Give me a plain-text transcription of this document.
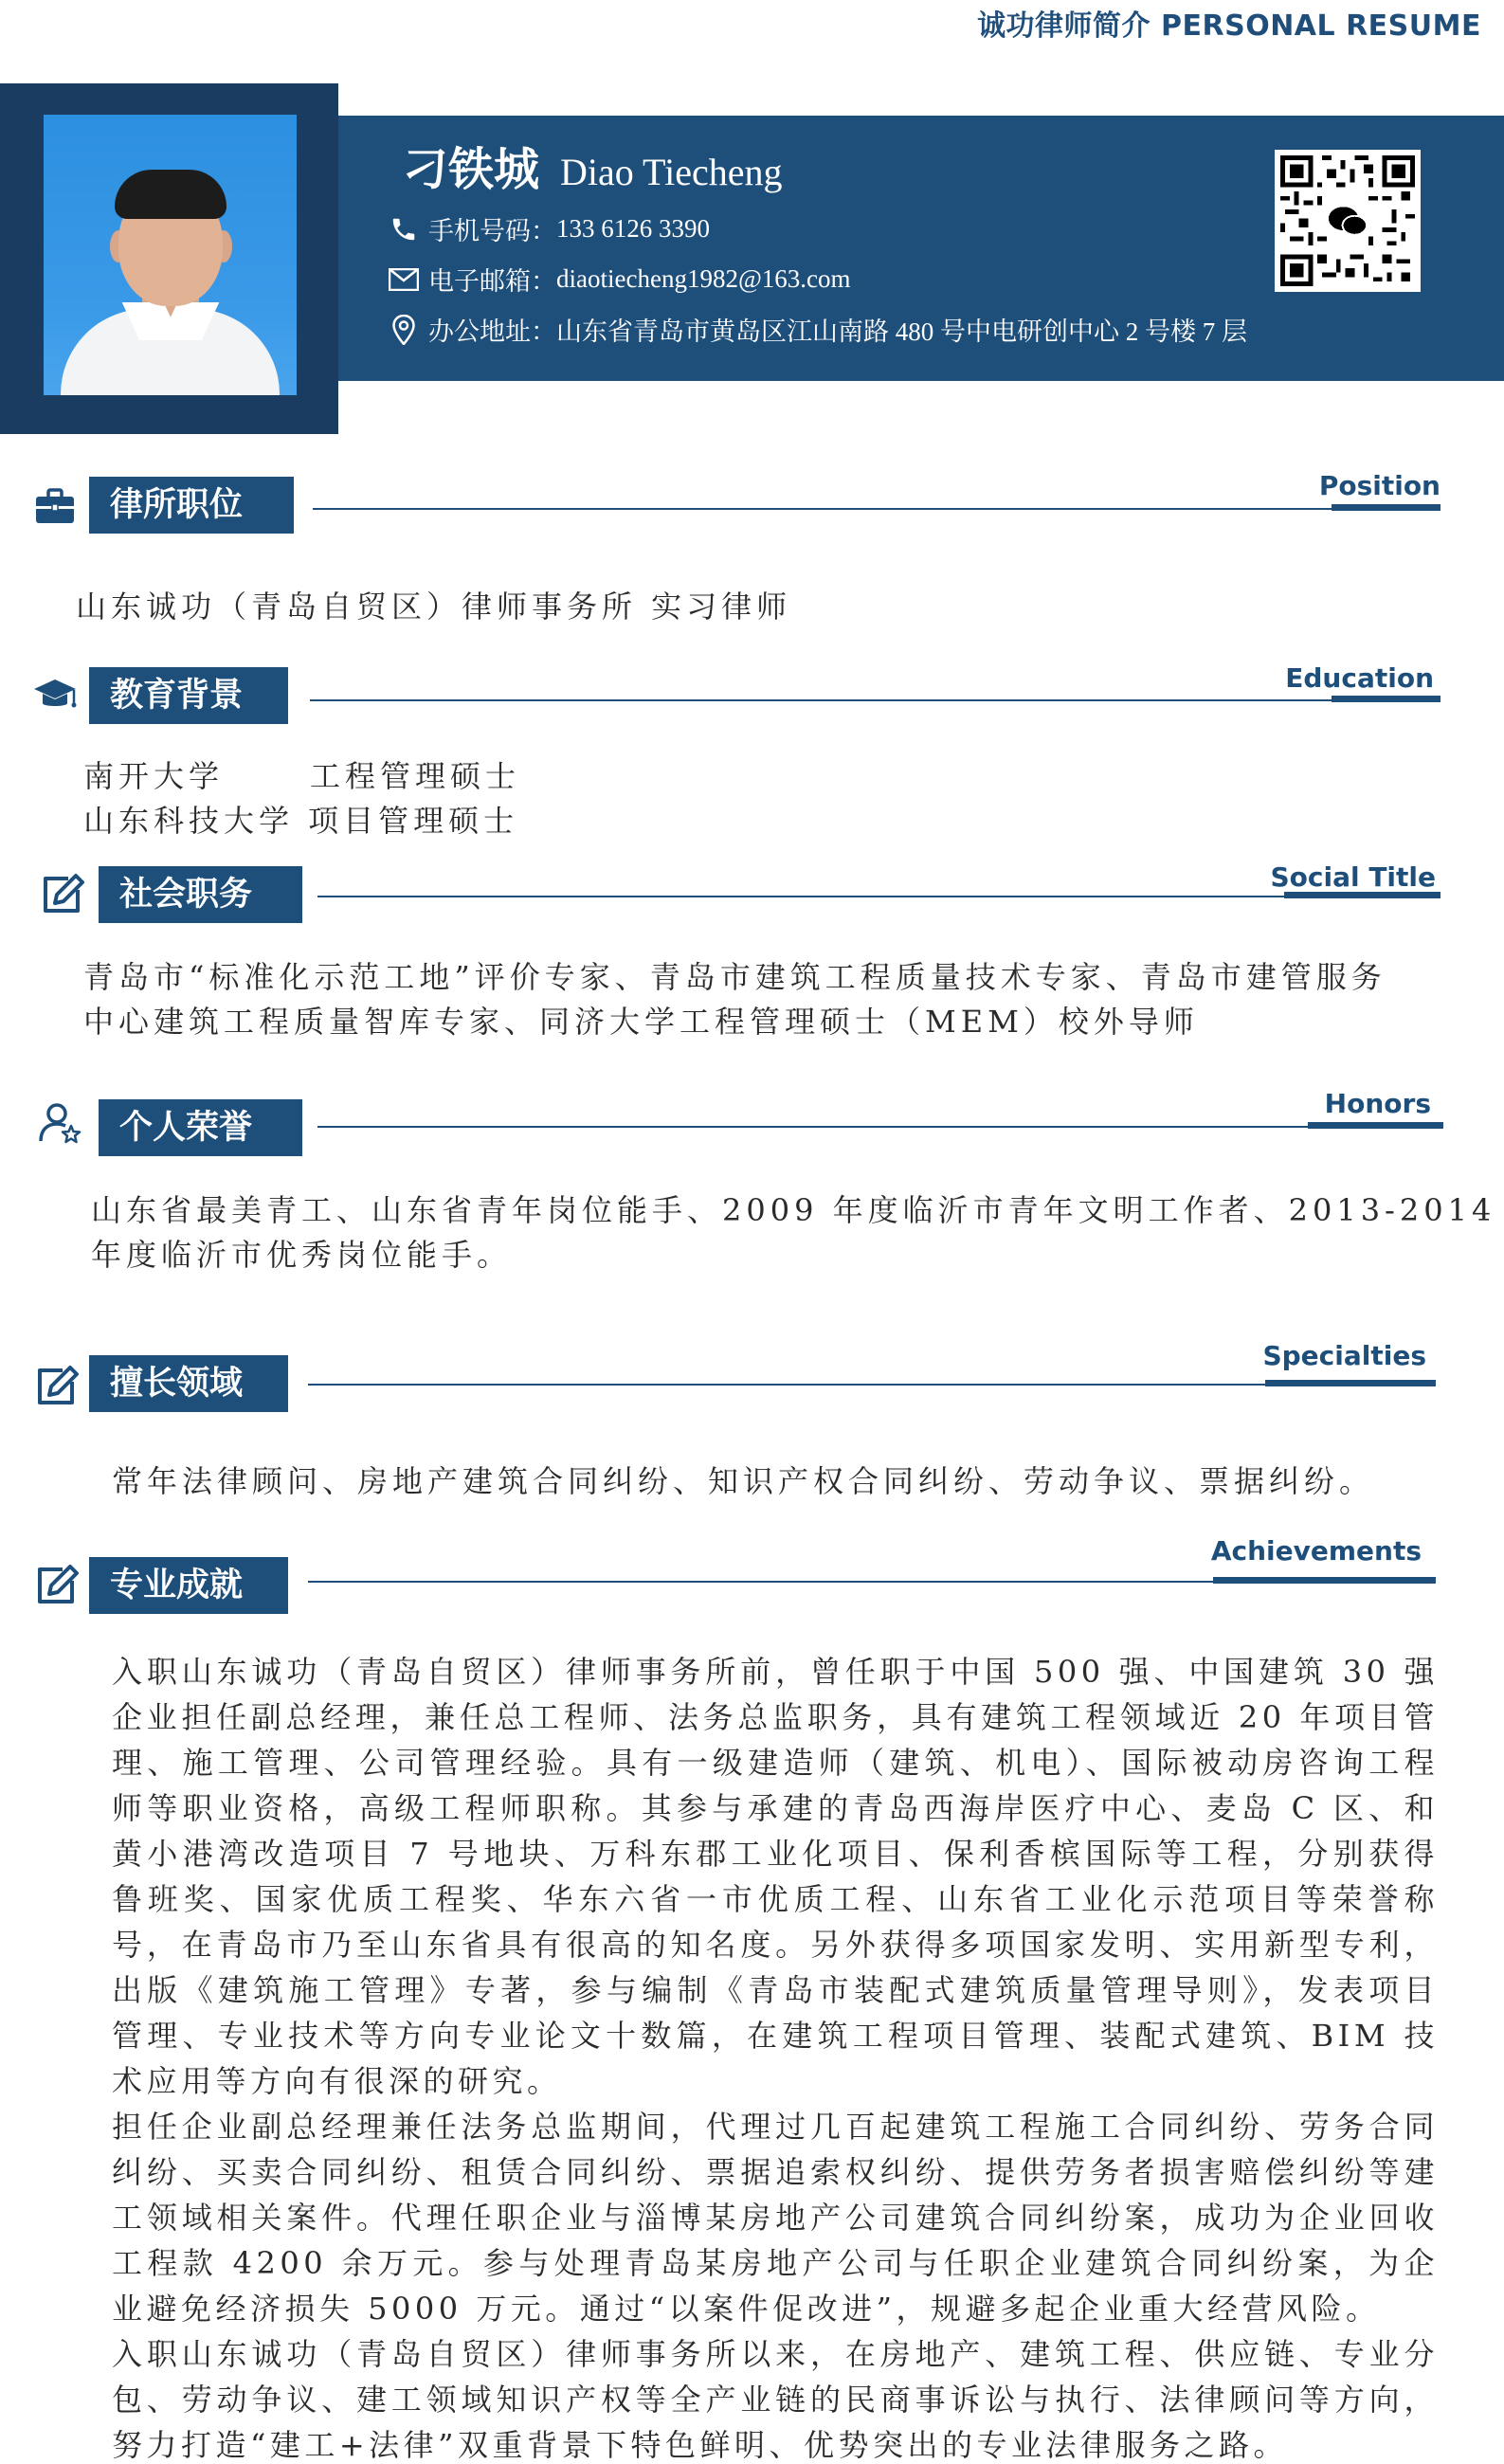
诚功律师简介 PERSONAL RESUME
刁铁城 Diao Tiecheng
手机号码： 133 6126 3390
电子邮箱： diaotiecheng1982@163.com
办公地址： 山东省青岛市黄岛区江山南路 480 号中电研创中心 2 号楼 7 层
律所职位
Position
山东诚功（青岛自贸区）律师事务所 实习律师
教育背景	Education
南开大学      工程管理硕士
山东科技大学 项目管理硕士
社会职务	Social Title
青岛市“标准化示范工地”评价专家、青岛市建筑工程质量技术专家、青岛市建管服务
中心建筑工程质量智库专家、同济大学工程管理硕士（MEM）校外导师
个人荣誉
Honors
山东省最美青工、山东省青年岗位能手、2009 年度临沂市青年文明工作者、2013-2014
年度临沂市优秀岗位能手。
擅长领域
Specialties
常年法律顾问、房地产建筑合同纠纷、知识产权合同纠纷、劳动争议、票据纠纷。
专业成就
Achievements

入职山东诚功（青岛自贸区）律师事务所前，曾任职于中国 500 强、中国建筑 30 强企业担任副总经理，兼任总工程师、法务总监职务，具有建筑工程领域近 20 年项目管理、施工管理、公司管理经验。具有一级建造师（建筑、机电）、国际被动房咨询工程师等职业资格，高级工程师职称。其参与承建的青岛西海岸医疗中心、麦岛 C 区、和黄小港湾改造项目 7 号地块、万科东郡工业化项目、保利香槟国际等工程，分别获得鲁班奖、国家优质工程奖、华东六省一市优质工程、山东省工业化示范项目等荣誉称号，在青岛市乃至山东省具有很高的知名度。另外获得多项国家发明、实用新型专利，出版《建筑施工管理》专著，参与编制《青岛市装配式建筑质量管理导则》，发表项目管理、专业技术等方向专业论文十数篇，在建筑工程项目管理、装配式建筑、BIM 技术应用等方向有很深的研究。

担任企业副总经理兼任法务总监期间，代理过几百起建筑工程施工合同纠纷、劳务合同纠纷、买卖合同纠纷、租赁合同纠纷、票据追索权纠纷、提供劳务者损害赔偿纠纷等建工领域相关案件。代理任职企业与淄博某房地产公司建筑合同纠纷案，成功为企业回收工程款 4200 余万元。参与处理青岛某房地产公司与任职企业建筑合同纠纷案，为企业避免经济损失 5000 万元。通过“以案件促改进”，规避多起企业重大经营风险。

入职山东诚功（青岛自贸区）律师事务所以来，在房地产、建筑工程、供应链、专业分包、劳动争议、建工领域知识产权等全产业链的民商事诉讼与执行、法律顾问等方向，努力打造“建工+法律”双重背景下特色鲜明、优势突出的专业法律服务之路。
